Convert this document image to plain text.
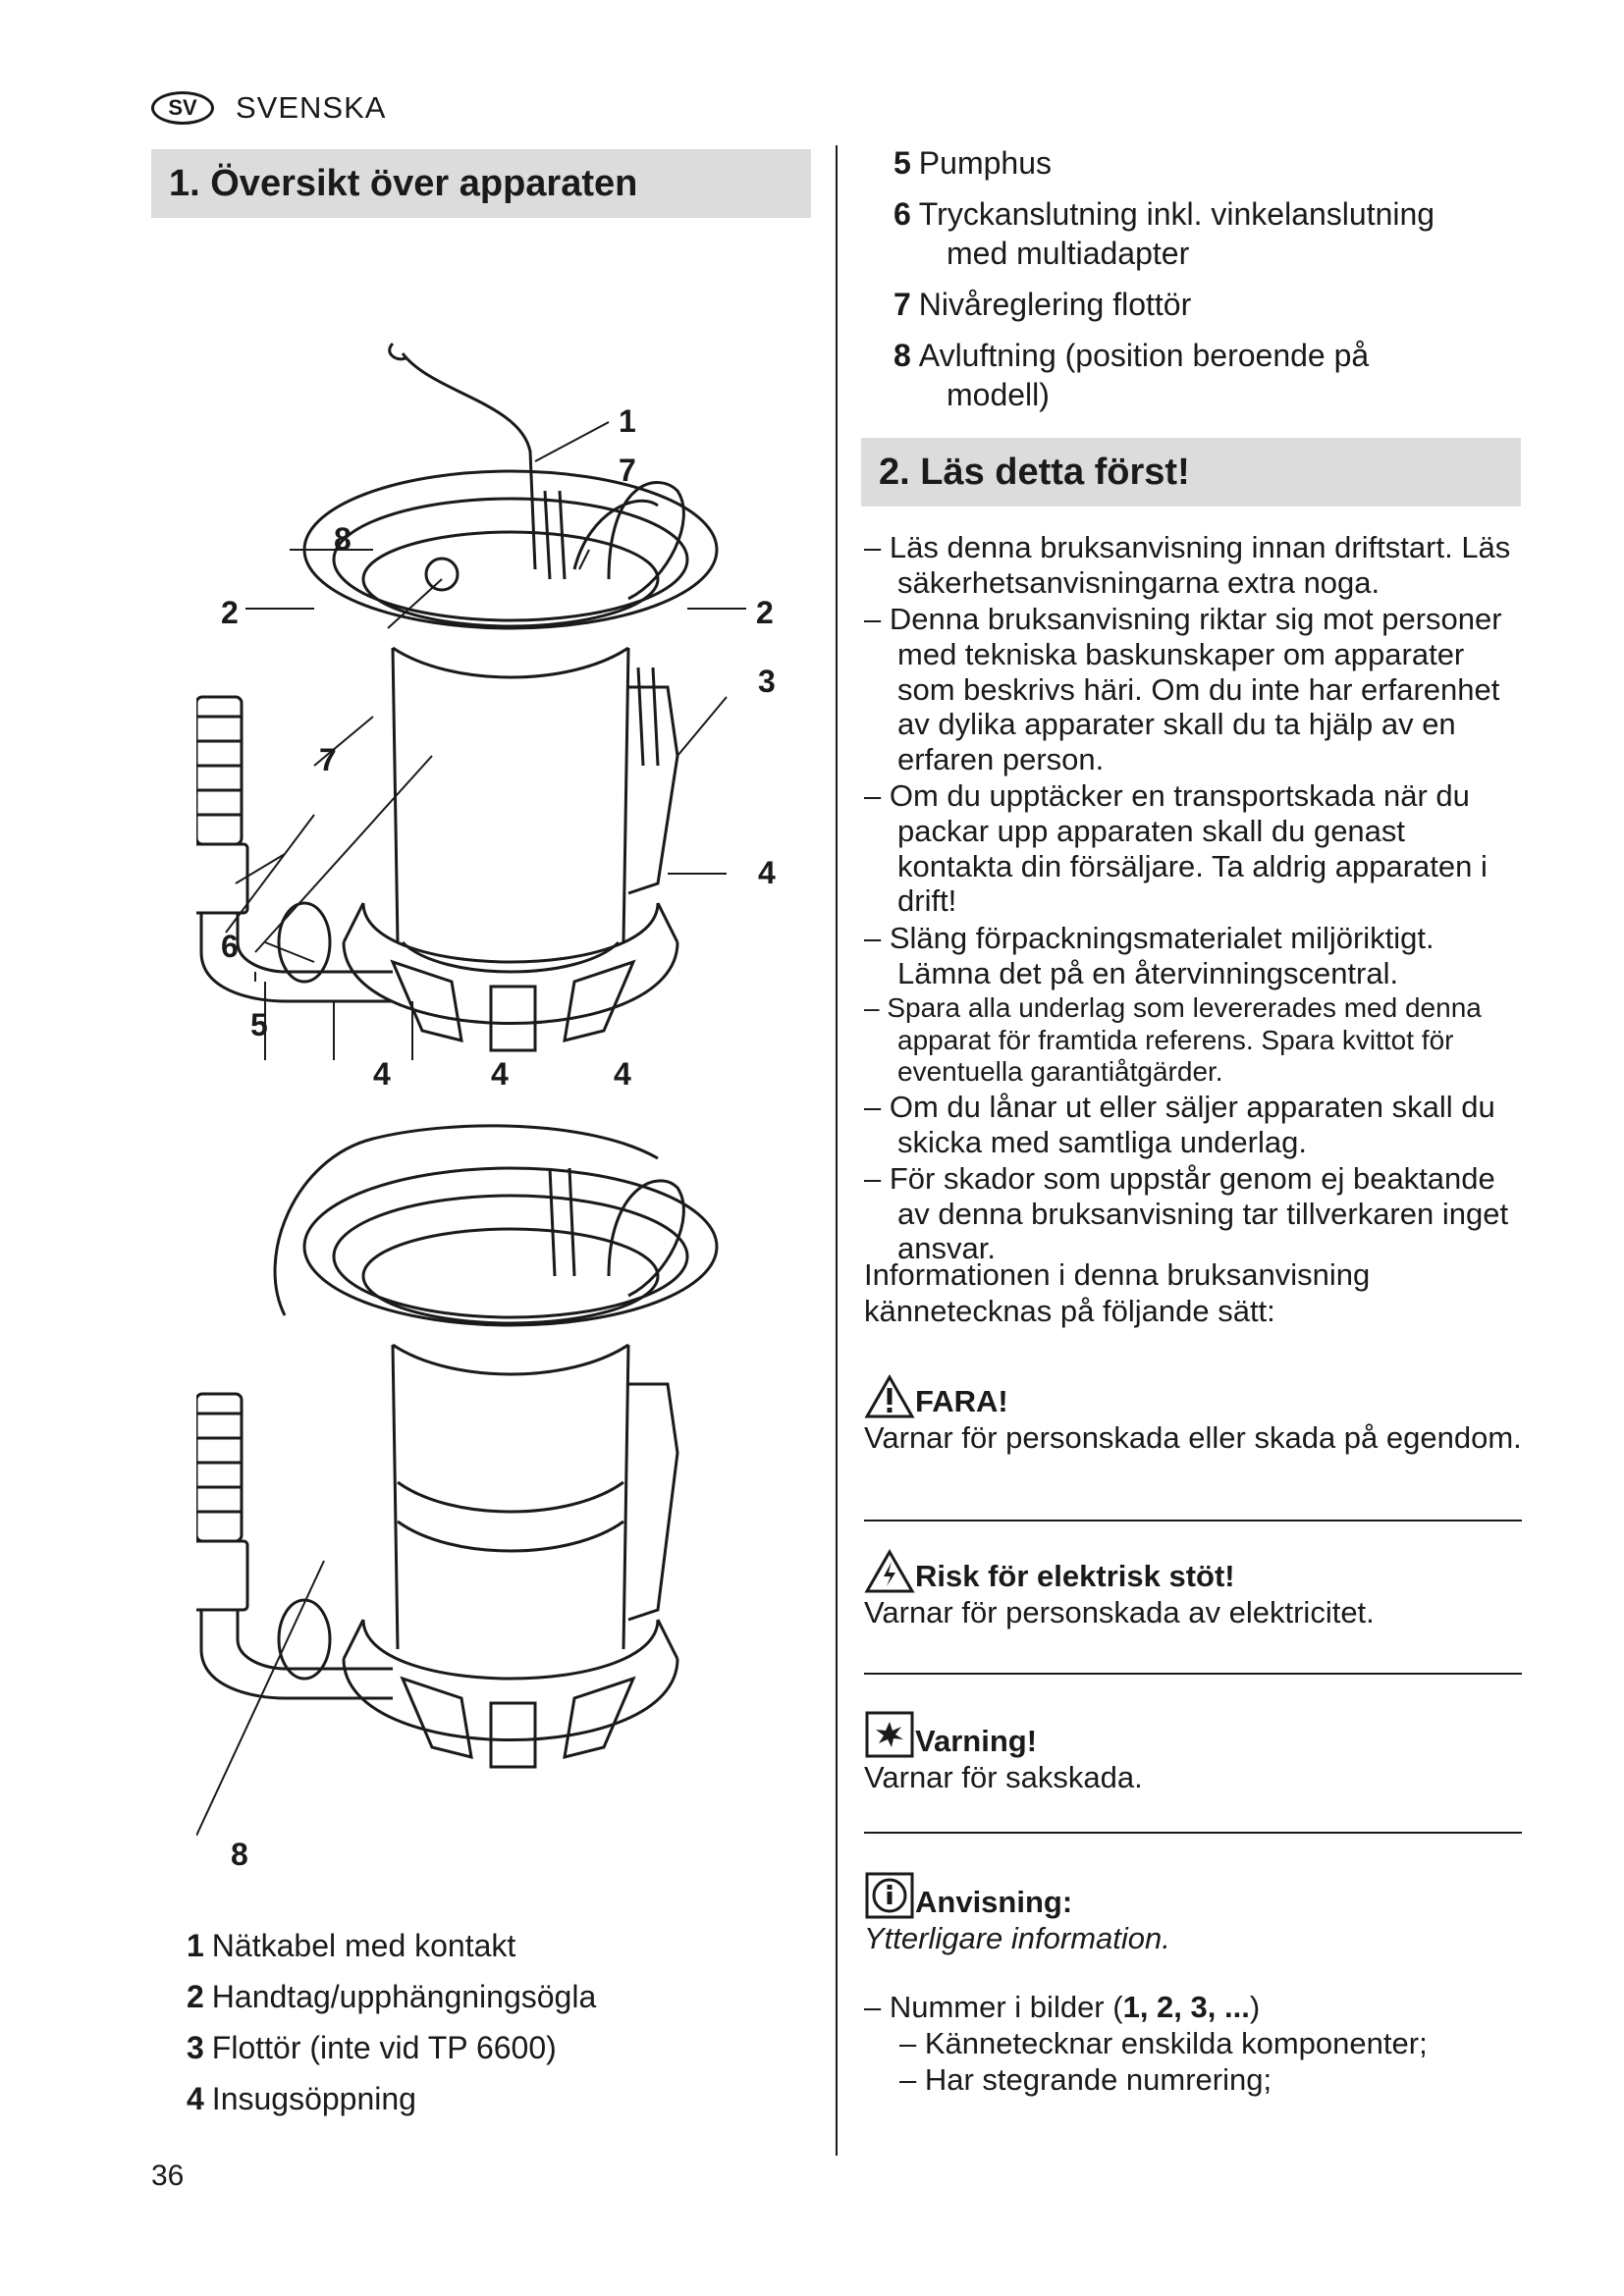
SV	SVENSKA
1. Översikt över apparaten
1
8
7
2	2
3
7
4
6
5
4	4	4
8
1 Nätkabel med kontakt
2 Handtag/upphängningsögla
3 Flottör (inte vid TP 6600)
4 Insugsöppning
5 Pumphus
6 Tryckanslutning inkl. vinkelanslutning
med multiadapter
7 Nivåreglering flottör
8 Avluftning (position beroende på
modell)
2. Läs detta först!
– Läs denna bruksanvisning innan driftstart. Läs säkerhetsanvisningarna extra noga.
– Denna bruksanvisning riktar sig mot personer med tekniska baskunskaper om apparater som beskrivs häri. Om du inte har erfarenhet av dylika apparater skall du ta hjälp av en erfaren person.
– Om du upptäcker en transportskada när du packar upp apparaten skall du genast kontakta din försäljare. Ta aldrig apparaten i drift!
– Släng förpackningsmaterialet miljöriktigt. Lämna det på en återvinningscentral.
– Spara alla underlag som levererades med denna apparat för framtida referens. Spara kvittot för eventuella garantiåtgärder.
– Om du lånar ut eller säljer apparaten skall du skicka med samtliga underlag.
– För skador som uppstår genom ej beaktande av denna bruksanvisning tar tillverkaren inget ansvar.
Informationen i denna bruksanvisning kännetecknas på följande sätt:
FARA!
Varnar för personskada eller skada på egendom.
Risk för elektrisk stöt!
Varnar för personskada av elektricitet.
Varning!
Varnar för sakskada.
Anvisning:
Ytterligare information.
– Nummer i bilder (1, 2, 3, ...)
– Kännetecknar enskilda komponenter;
– Har stegrande numrering;
36
